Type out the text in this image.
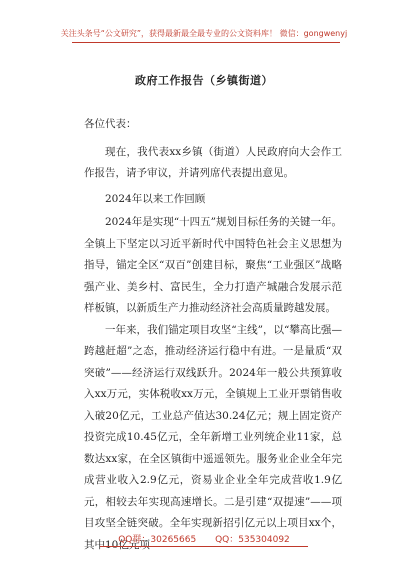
关注头条号“公文研究”，获得最新最全最专业的公文资料库！ 微信：gongwenyj
政府工作报告（乡镇街道）

各位代表：

现在，我代表xx乡镇（街道）人民政府向大会作工作报告，请予审议，并请列席代表提出意见。

2024年以来工作回顾

2024年是实现“十四五”规划目标任务的关键一年。全镇上下坚定以习近平新时代中国特色社会主义思想为指导，锚定全区“双百”创建目标，聚焦“工业强区”战略强产业、美乡村、富民生，全力打造产城融合发展示范样板镇，以新质生产力推动经济社会高质量跨越发展。

一年来，我们锚定项目攻坚“主线”，以“攀高比强—跨越赶超”之态，推动经济运行稳中有进。一是量质“双突破”——经济运行双线跃升。2024年一般公共预算收入xx万元，实体税收xx万元，全镇规上工业开票销售收入破20亿元，工业总产值达30.24亿元；规上固定资产投资完成10.45亿元，全年新增工业列统企业11家，总数达xx家，在全区镇街中遥遥领先。服务业企业全年完成营业收入2.9亿元，资易业企业全年完成营收1.9亿元，相较去年实现高速增长。二是引建“双提速”——项目攻坚全链突破。全年实现新招引亿元以上项目xx个，其中10亿元项

QQ群：30265665 QQ：535304092
